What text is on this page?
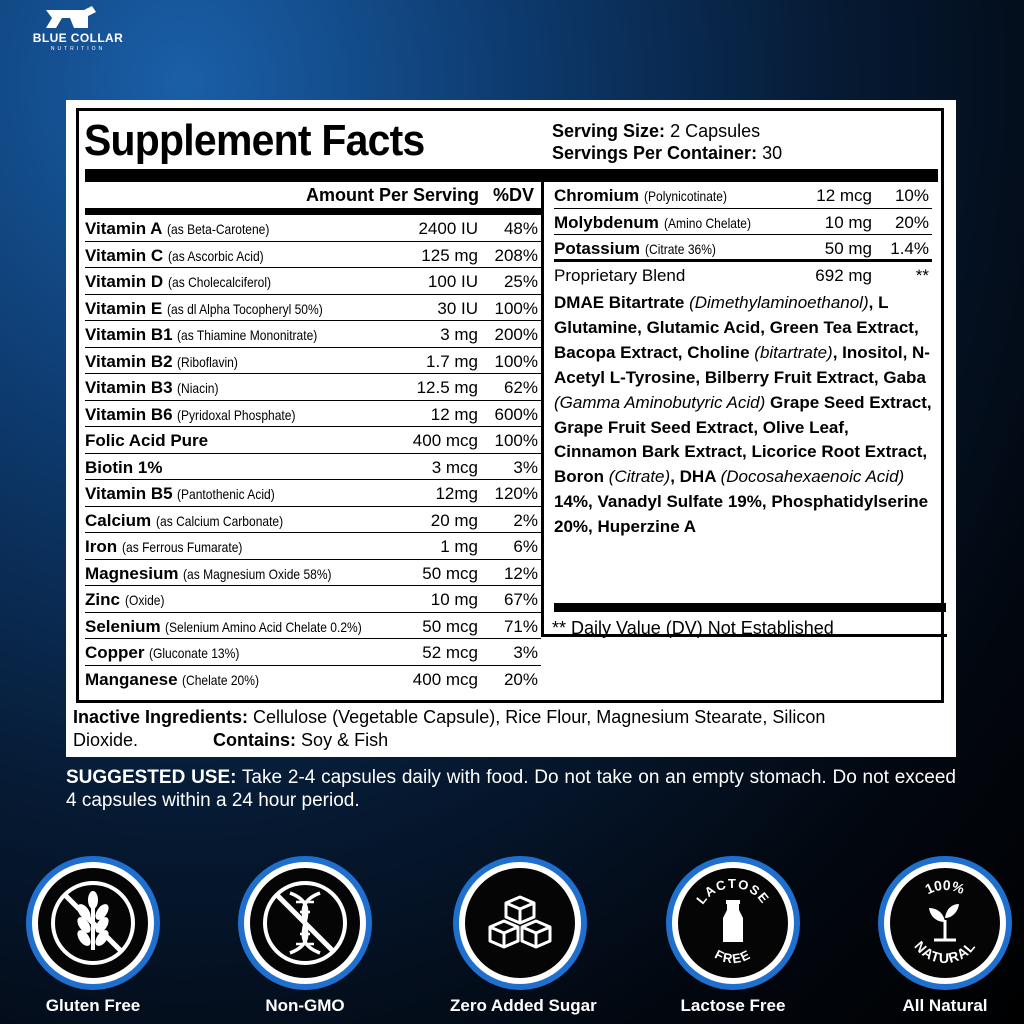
BLUE COLLAR
NUTRITION
Supplement Facts	Serving Size: 2 Capsules
Servings Per Container: 30
Amount Per Serving %DV
Vitamin A (as Beta-Carotene)	2400 IU	48%
Vitamin C (as Ascorbic Acid)	125 mg 208%
Vitamin D (as Cholecalciferol)	100 IU	25%
Vitamin E (as dl Alpha Tocopheryl 50%)	30 IU 100%
Vitamin B1 (as Thiamine Mononitrate)	3 mg 200%
Vitamin B2 (Riboflavin)	1.7 mg 100%
Vitamin B3 (Niacin)	12.5 mg	62%
Vitamin B6 (Pyridoxal Phosphate)	12 mg 600%
Folic Acid Pure	400 mcg 100%
Biotin 1%	3 mcg	3%
Vitamin B5 (Pantothenic Acid)	12mg 120%
Calcium (as Calcium Carbonate)	20 mg	2%
Iron (as Ferrous Fumarate)	1 mg	6%
Magnesium (as Magnesium Oxide 58%)	50 mcg	12%
Zinc (Oxide)	10 mg	67%
Selenium (Selenium Amino Acid Chelate 0.2%)	50 mcg	71%
Copper (Gluconate 13%)	52 mcg	3%
Manganese (Chelate 20%)	400 mcg	20%
Chromium (Polynicotinate)	12 mcg	10%
Molybdenum (Amino Chelate)	10 mg	20%
Potassium (Citrate 36%)	50 mg	1.4%
Proprietary Blend	692 mg	**
DMAE Bitartrate (Dimethylaminoethanol), L Glutamine, Glutamic Acid, Green Tea Extract, Bacopa Extract, Choline (bitartrate), Inositol, N-Acetyl L-Tyrosine, Bilberry Fruit Extract, Gaba (Gamma Aminobutyric Acid) Grape Seed Extract, Grape Fruit Seed Extract, Olive Leaf, Cinnamon Bark Extract, Licorice Root Extract, Boron (Citrate), DHA (Docosahexaenoic Acid) 14%, Vanadyl Sulfate 19%, Phosphatidylserine 20%, Huperzine A
** Daily Value (DV) Not Established
Inactive Ingredients: Cellulose (Vegetable Capsule), Rice Flour, Magnesium Stearate, Silicon Dioxide.	Contains: Soy & Fish
SUGGESTED USE: Take 2-4 capsules daily with food. Do not take on an empty stomach. Do not exceed 4 capsules within a 24 hour period.
Gluten Free	Non-GMO	Zero Added Sugar
LACTOSE
FREE
Lactose Free
100%
NATURAL
All Natural
